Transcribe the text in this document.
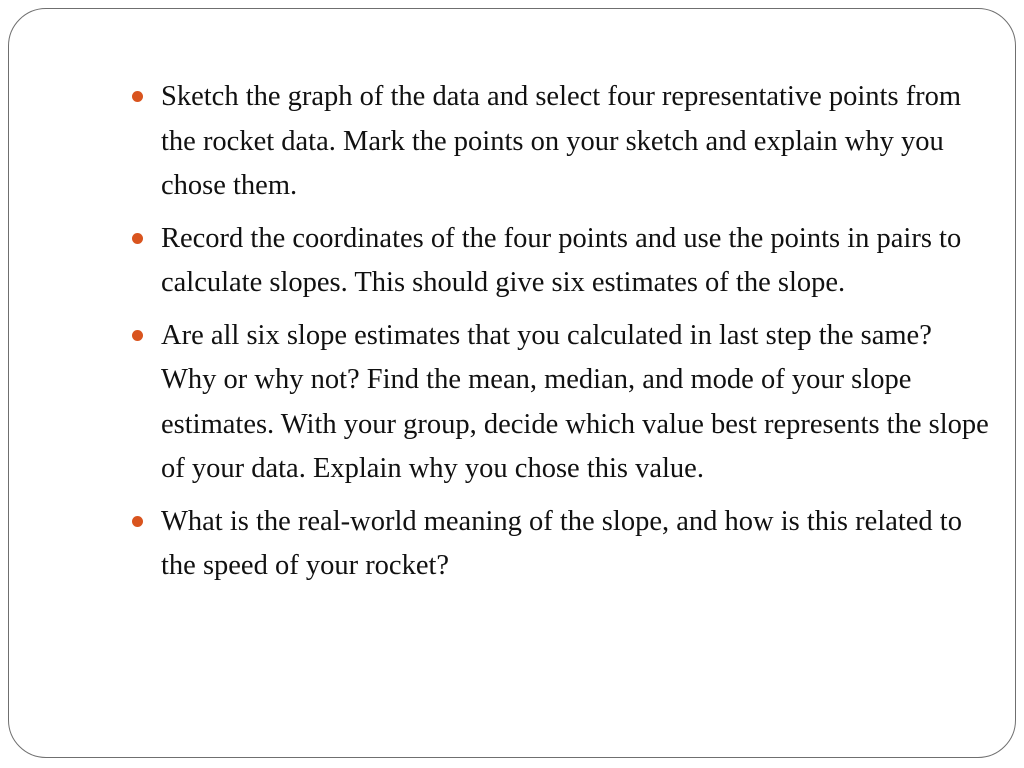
Sketch the graph of the data and select four representative points from the rocket data. Mark the points on your sketch and explain why you chose them.
Record the coordinates of the four points and use the points in pairs to calculate slopes. This should give six estimates of the slope.
Are all six slope estimates that you calculated in last step the same? Why or why not? Find the mean, median, and mode of your slope estimates. With your group, decide which value best represents the slope of your data. Explain why you chose this value.
What is the real-world meaning of the slope, and how is this related to the speed of your rocket?
